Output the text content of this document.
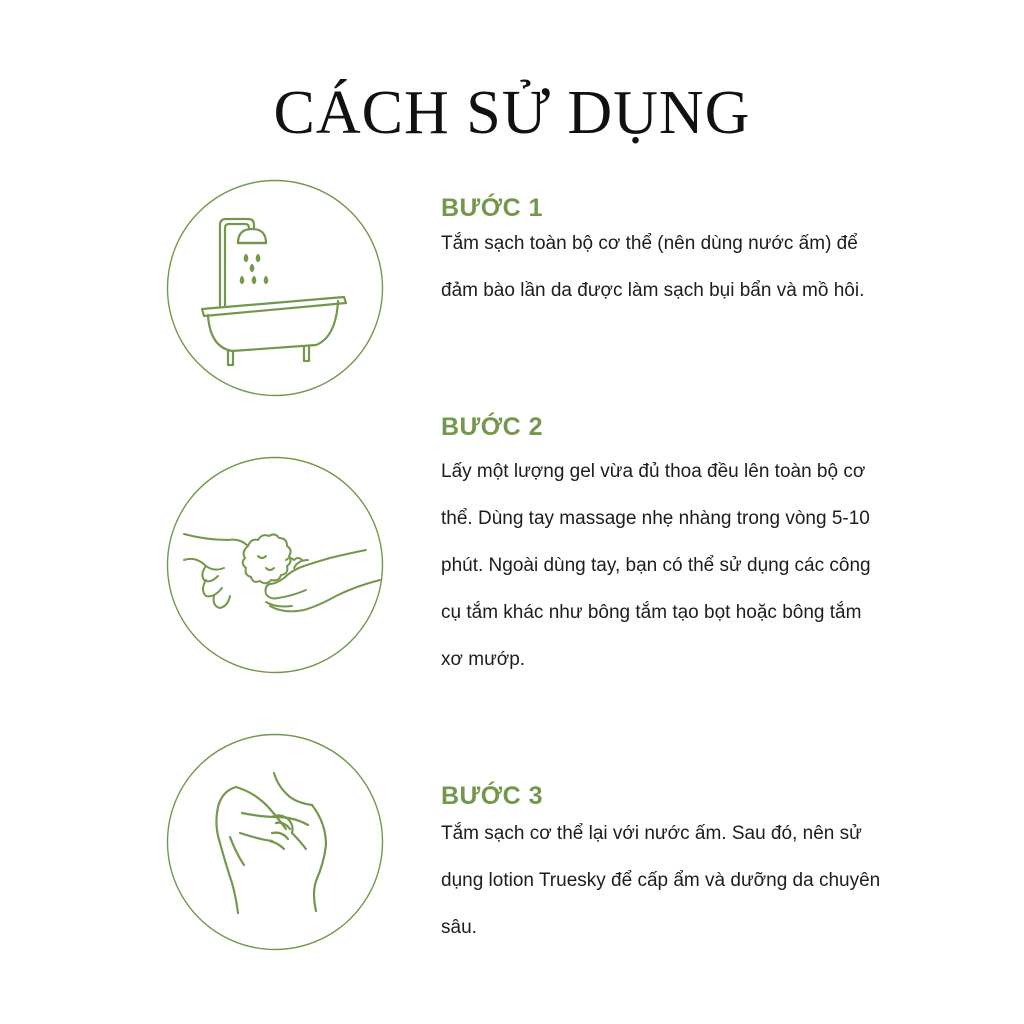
CÁCH SỬ DỤNG
BƯỚC 1

Tắm sạch toàn bộ cơ thể (nên dùng nước ấm) để đảm bào lần da được làm sạch bụi bẩn và mồ hôi.

BƯỚC 2

Lấy một lượng gel vừa đủ thoa đều lên toàn bộ cơ thể. Dùng tay massage nhẹ nhàng trong vòng 5-10 phút. Ngoài dùng tay, bạn có thể sử dụng các công cụ tắm khác như bông tắm tạo bọt hoặc bông tắm xơ mướp.

BƯỚC 3

Tắm sạch cơ thể lại với nước ấm. Sau đó, nên sử dụng lotion Truesky để cấp ẩm và dưỡng da chuyên sâu.
